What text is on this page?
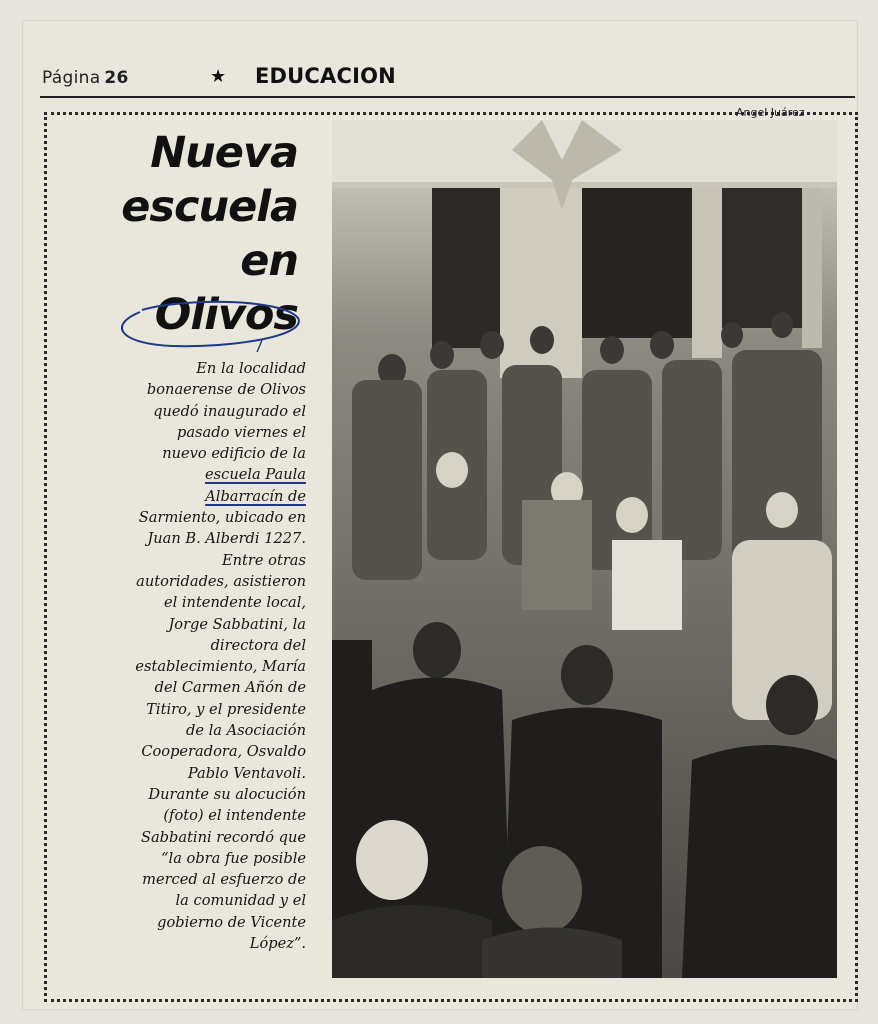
Página 26	★ EDUCACION
Angel Juárez
Nueva
escuela
en
Olivos
En la localidad
bonaerense de Olivos
quedó inaugurado el
pasado viernes el
nuevo edificio de la
escuela Paula
Albarracín de
Sarmiento, ubicado en
Juan B. Alberdi 1227.
Entre otras
autoridades, asistieron
el intendente local,
Jorge Sabbatini, la
directora del
establecimiento, María
del Carmen Añón de
Titiro, y el presidente
de la Asociación
Cooperadora, Osvaldo
Pablo Ventavoli.
Durante su alocución
(foto) el intendente
Sabbatini recordó que
“la obra fue posible
merced al esfuerzo de
la comunidad y el
gobierno de Vicente
López”.
